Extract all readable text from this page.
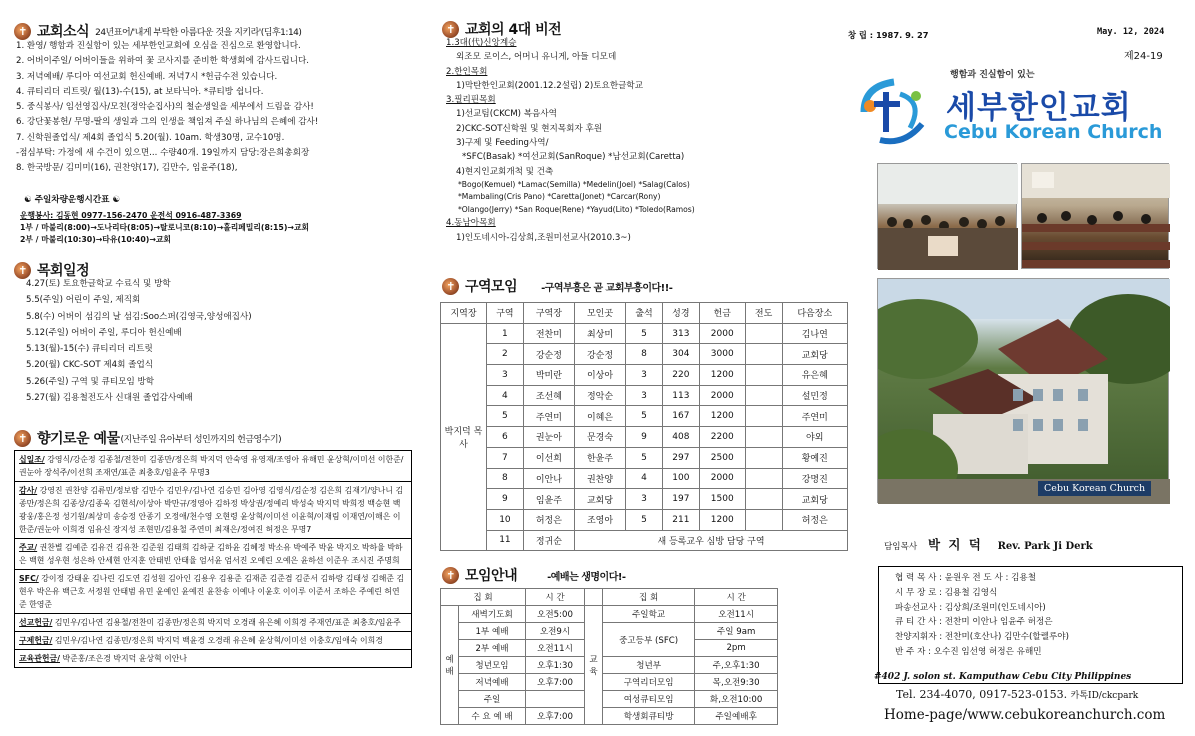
✝ 교회소식 24년표어/'내게 부탁한 아름다운 것을 지키라'(딤후1:14)
1. 환영/ 행함과 진실함이 있는 세부한인교회에 오심을 진심으로 환영합니다.
2. 어버이주일/ 어버이들을 위하여 꽃 코사지를 준비한 학생회에 감사드립니다.
3. 저녁예배/ 루디아 여선교회 헌신예배. 저녁7시 *헌금수전 있습니다.
4. 큐티리더 리트릿/ 월(13)-수(15), at 보타닉아. *큐티방 쉽니다.
5. 중식봉사/ 임선영집사/모친(정악순집사)의 철순생일을 세부에서 드림을 감사!
6. 강단꽃봉헌/ 무명-딸의 생일과 그의 인생을 책임져 주실 하나님의 은혜에 감사!
7. 신학원졸업식/ 제4회 졸업식 5.20(월). 10am. 학생30명, 교수10명.
-점심부탁: 가정에 새 수건이 있으면... 수량40개. 19일까지 담당:장은희총회장
8. 한국방문/ 김미미(16), 권찬양(17), 김만수, 임윤주(18),
☯ 주일차량운행시간표 ☯
운행봉사: 김동현 0977-156-2470 운전석 0916-487-3369
1부 / 마불리(8:00)→도나리타(8:05)→탈로니코(8:10)→홀리페밀리(8:15)→교회
2부 / 마불리(10:30)→타유(10:40)→교회
✝ 목회일정
4.27(토) 토요한글학교 수료식 및 방학
5.5(주일) 어린이 주일, 제직회
5.8(수) 어버이 섬김의 날 섬김:Soo스퍼(김영국,양성애집사)
5.12(주일) 어버이 주일, 루디아 헌신예배
5.13(월)-15(수) 큐티리더 리트릿
5.20(월) CKC-SOT 제4회 졸업식
5.26(주일) 구역 및 큐티모임 방학
5.27(월) 김용철전도사 신대원 졸업감사예배
✝ 향기로운 예물 (지난주일 유아부터 성인까지의 헌금영수기)
십일조/ 강영식/강순정 김종철/전찬미 김종만/정은희 박지덕 안숙영 유영재/조영아 유해민 윤상혁/이미선 이한준/권눈아 장석주/이선희 조재연/표준 최충호/임윤주 무명3
감사/ 강영진 권찬양 김류민/정보람 김만수 김민우/김나연 김승민 김아영 김영식/김순정 김은희 김재기/양나니 김종만/정은희 김종상/김종욱 김현석/이상아 박만규/정영아 김하정 박상권/정예리 박성숙 박지덕 박희정 백승현 백광웅/홍은정 성기원/최상미 송승정 안종기 오정애/천수영 오현령 윤상혁/이미선 이윤혁/이재림 이재연/이해은 이한준/권눈아 이희경 임유신 장지성 조현민/김용철 주연미 최재은/정여진 허정은 무명7
주교/ 권찬별 김예준 김유건 김유찬 김준원 김태희 김하균 김하윤 김혜정 박소유 박예주 박윤 박지오 박하율 박하은 백현 성우현 성은하 안세현 안지훈 안태빈 안태율 엄서윤 엄서진 오예린 오예은 윤하선 이준우 조시진 주명희
SFC/ 강이정 강태윤 김나린 김도연 김성원 김아인 김용우 김용준 김재준 김준겸 김준서 김하랑 김태성 김해준 김현우 박은유 백근호 서정원 안태범 유민 윤예인 윤예진 윤찬송 이예나 이윤호 이이루 이준서 조하은 주예린 허연준 한영준
선교헌금/ 김민우/김나연 김용철/전찬미 김종만/정은희 박지덕 오경래 유은혜 이희경 주재연/표준 최충호/임윤주
구제헌금/ 김민우/김나연 김종민/정은희 박지덕 백윤경 오경래 유은혜 윤상혁/이미선 이충호/임애숙 이희경
교육관헌금/ 박준홍/조은경 박지덕 윤상혁 이안나
✝ 교회의 4대 비전
1.3대(代)신앙계승
외조모 로이스, 어머니 유니게, 아들 디모데
2.한인목회
1)막탄한인교회(2001.12.2설립) 2)토요한글학교
3.필리핀목회
1)선교팀(CKCM) 복음사역
2)CKC-SOT신학원 및 현지목회자 후원
3)구제 및 Feeding사역/
*SFC(Basak) *여선교회(SanRoque) *남선교회(Caretta)
4)현지인교회개척 및 건축
*Bogo(Kemuel) *Lamac(Semilla) *Medelin(Joel) *Salag(Calos)
*Mambaling(Cris Pano) *Caretta(Jonet) *Carcar(Rony)
*Olango(Jerry) *San Roque(Rene) *Yayud(Lito) *Toledo(Ramos)
4.동남아목회
1)인도네시아-김상희,조원미선교사(2010.3~)
✝ 구역모임 -구역부흥은 곧 교회부흥이다!!-
지역장	구역	구역장	모인곳	출석	성경	헌금	전도	다음장소
박지덕 목사	1	전찬미	최상미	5	313	2000		김나연
	2	강순정	강순정	8	304	3000		교회당
	3	박미란	이상아	3	220	1200		유은혜
	4	조선혜	정악순	3	113	2000		설민정
	5	주연미	이혜은	5	167	1200		주연미
	6	권눈아	문경숙	9	408	2200		야외
	7	이선희	한윤주	5	297	2500		황예진
	8	이안나	권찬양	4	100	2000		강명진
	9	임윤주	교회당	3	197	1500		교회당
	10	허정은	조영아	5	211	1200		허정은
	11	정귀순	새 등록교우 심방 담당 구역					
✝ 모임안내	-예배는 생명이다!-
집 회		시 간		집 회	시 간
예배	새벽기도회	오전5:00	교육	주일학교	오전11시
	1부 예배	오전9시		중고등부 (SFC)	주일 9am
	2부 예배	오전11시			2pm
	청년모임	오후1:30		청년부	주,오후1:30
	저녁예배	오후7:00		구역리더모임	목,오전9:30
	주일			여성큐티모임	화,오전10:00
	수 요 예 배	오후7:00		학생회큐티방	주일예배후
창 립 : 1987. 9. 27	May. 12, 2024
제24-19
행함과 진실함이 있는
세부한인교회
Cebu Korean Church
Cebu Korean Church
담임목사 박 지 덕 Rev. Park Ji Derk
협 력 목 사 : 윤원우 전 도 사 : 김용철
시 무 장 로 : 김용철 김영식
파송선교사 : 김상희/조원미(인도네시아)
큐 티 간 사 : 전찬미 이안나 임윤주 허정은
찬양지휘자 : 전찬미(호산나) 김만수(할렐루야)
반 주 자 : 오수진 임선영 허정은 유해민
#402 J. solon st. Kamputhaw Cebu City Philippines
Tel. 234-4070, 0917-523-0153. 카톡ID/ckcpark
Home-page/www.cebukoreanchurch.com
